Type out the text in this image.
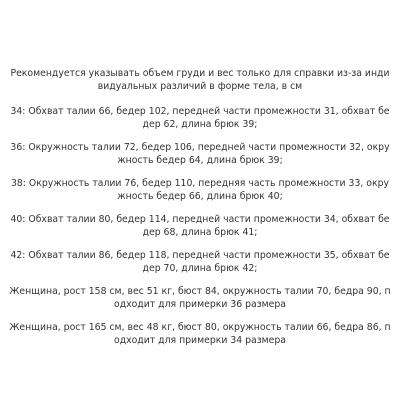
Рекомендуется указывать объем груди и вес только для справки из-за индивидуальных различий в форме тела, в см

34: Обхват талии 66, бедер 102, передней части промежности 31, обхват бедер 62, длина брюк 39;

36: Окружность талии 72, бедер 106, передней части промежности 32, окружность бедер 64, длина брюк 39;

38: Окружность талии 76, бедер 110, передняя часть промежности 33, окружность бедер 66, длина брюк 40;

40: Обхват талии 80, бедер 114, передней части промежности 34, обхват бедер 68, длина брюк 41;

42: Обхват талии 86, бедер 118, передней части промежности 35, обхват бедер 70, длина брюк 42;

Женщина, рост 158 см, вес 51 кг, бюст 84, окружность талии 70, бедра 90, подходит для примерки 36 размера

Женщина, рост 165 см, вес 48 кг, бюст 80, окружность талии 66, бедра 86, подходит для примерки 34 размера
